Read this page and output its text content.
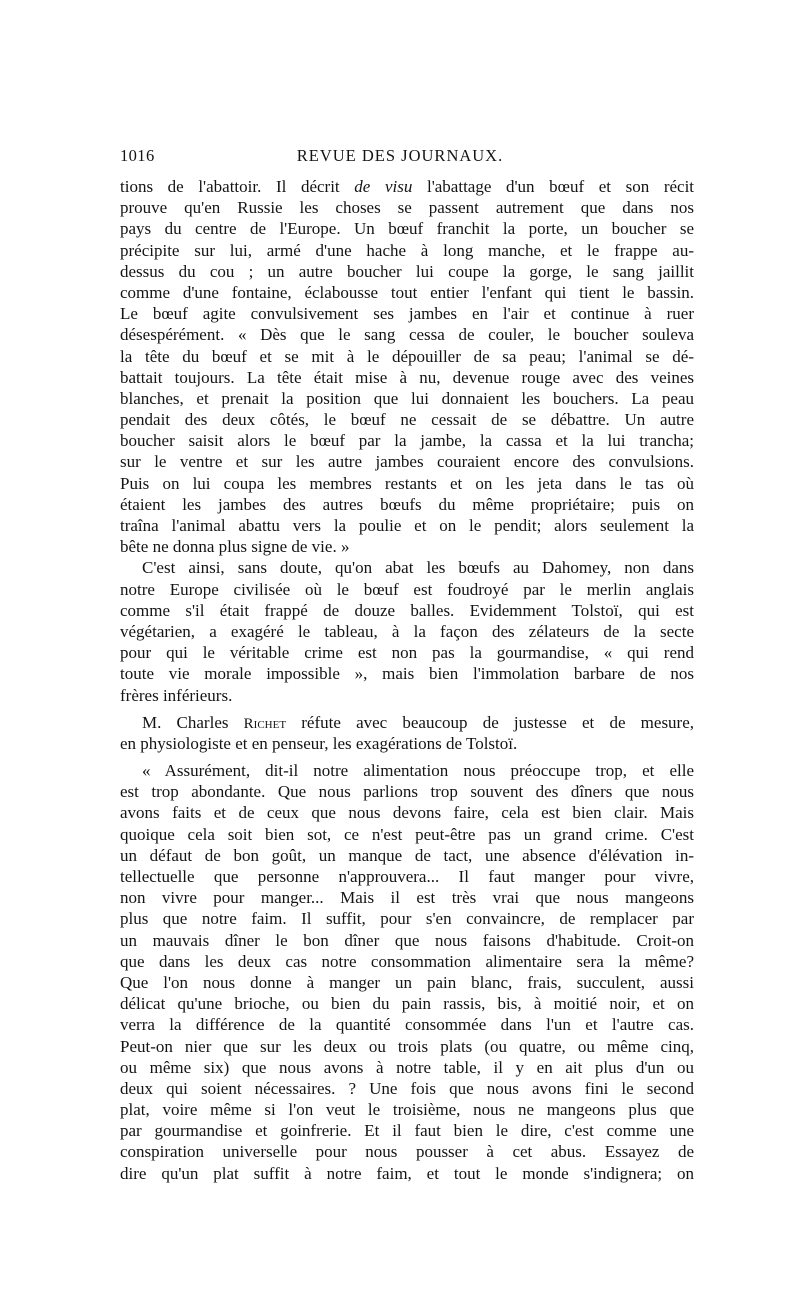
1016	REVUE DES JOURNAUX.
tions de l'abattoir. Il décrit de visu l'abattage d'un bœuf et son récit
prouve qu'en Russie les choses se passent autrement que dans nos
pays du centre de l'Europe. Un bœuf franchit la porte, un boucher se
précipite sur lui, armé d'une hache à long manche, et le frappe au-
dessus du cou ; un autre boucher lui coupe la gorge, le sang jaillit
comme d'une fontaine, éclabousse tout entier l'enfant qui tient le bassin.
Le bœuf agite convulsivement ses jambes en l'air et continue à ruer
désespérément. « Dès que le sang cessa de couler, le boucher souleva
la tête du bœuf et se mit à le dépouiller de sa peau; l'animal se dé-
battait toujours. La tête était mise à nu, devenue rouge avec des veines
blanches, et prenait la position que lui donnaient les bouchers. La peau
pendait des deux côtés, le bœuf ne cessait de se débattre. Un autre
boucher saisit alors le bœuf par la jambe, la cassa et la lui trancha;
sur le ventre et sur les autre jambes couraient encore des convulsions.
Puis on lui coupa les membres restants et on les jeta dans le tas où
étaient les jambes des autres bœufs du même propriétaire; puis on
traîna l'animal abattu vers la poulie et on le pendit; alors seulement la
bête ne donna plus signe de vie. »
C'est ainsi, sans doute, qu'on abat les bœufs au Dahomey, non dans
notre Europe civilisée où le bœuf est foudroyé par le merlin anglais
comme s'il était frappé de douze balles. Evidemment Tolstoï, qui est
végétarien, a exagéré le tableau, à la façon des zélateurs de la secte
pour qui le véritable crime est non pas la gourmandise, « qui rend
toute vie morale impossible », mais bien l'immolation barbare de nos
frères inférieurs.
M. Charles Richet réfute avec beaucoup de justesse et de mesure,
en physiologiste et en penseur, les exagérations de Tolstoï.
« Assurément, dit-il notre alimentation nous préoccupe trop, et elle
est trop abondante. Que nous parlions trop souvent des dîners que nous
avons faits et de ceux que nous devons faire, cela est bien clair. Mais
quoique cela soit bien sot, ce n'est peut-être pas un grand crime. C'est
un défaut de bon goût, un manque de tact, une absence d'élévation in-
tellectuelle que personne n'approuvera... Il faut manger pour vivre,
non vivre pour manger... Mais il est très vrai que nous mangeons
plus que notre faim. Il suffit, pour s'en convaincre, de remplacer par
un mauvais dîner le bon dîner que nous faisons d'habitude. Croit-on
que dans les deux cas notre consommation alimentaire sera la même?
Que l'on nous donne à manger un pain blanc, frais, succulent, aussi
délicat qu'une brioche, ou bien du pain rassis, bis, à moitié noir, et on
verra la différence de la quantité consommée dans l'un et l'autre cas.
Peut-on nier que sur les deux ou trois plats (ou quatre, ou même cinq,
ou même six) que nous avons à notre table, il y en ait plus d'un ou
deux qui soient nécessaires. ? Une fois que nous avons fini le second
plat, voire même si l'on veut le troisième, nous ne mangeons plus que
par gourmandise et goinfrerie. Et il faut bien le dire, c'est comme une
conspiration universelle pour nous pousser à cet abus. Essayez de
dire qu'un plat suffit à notre faim, et tout le monde s'indignera; on
